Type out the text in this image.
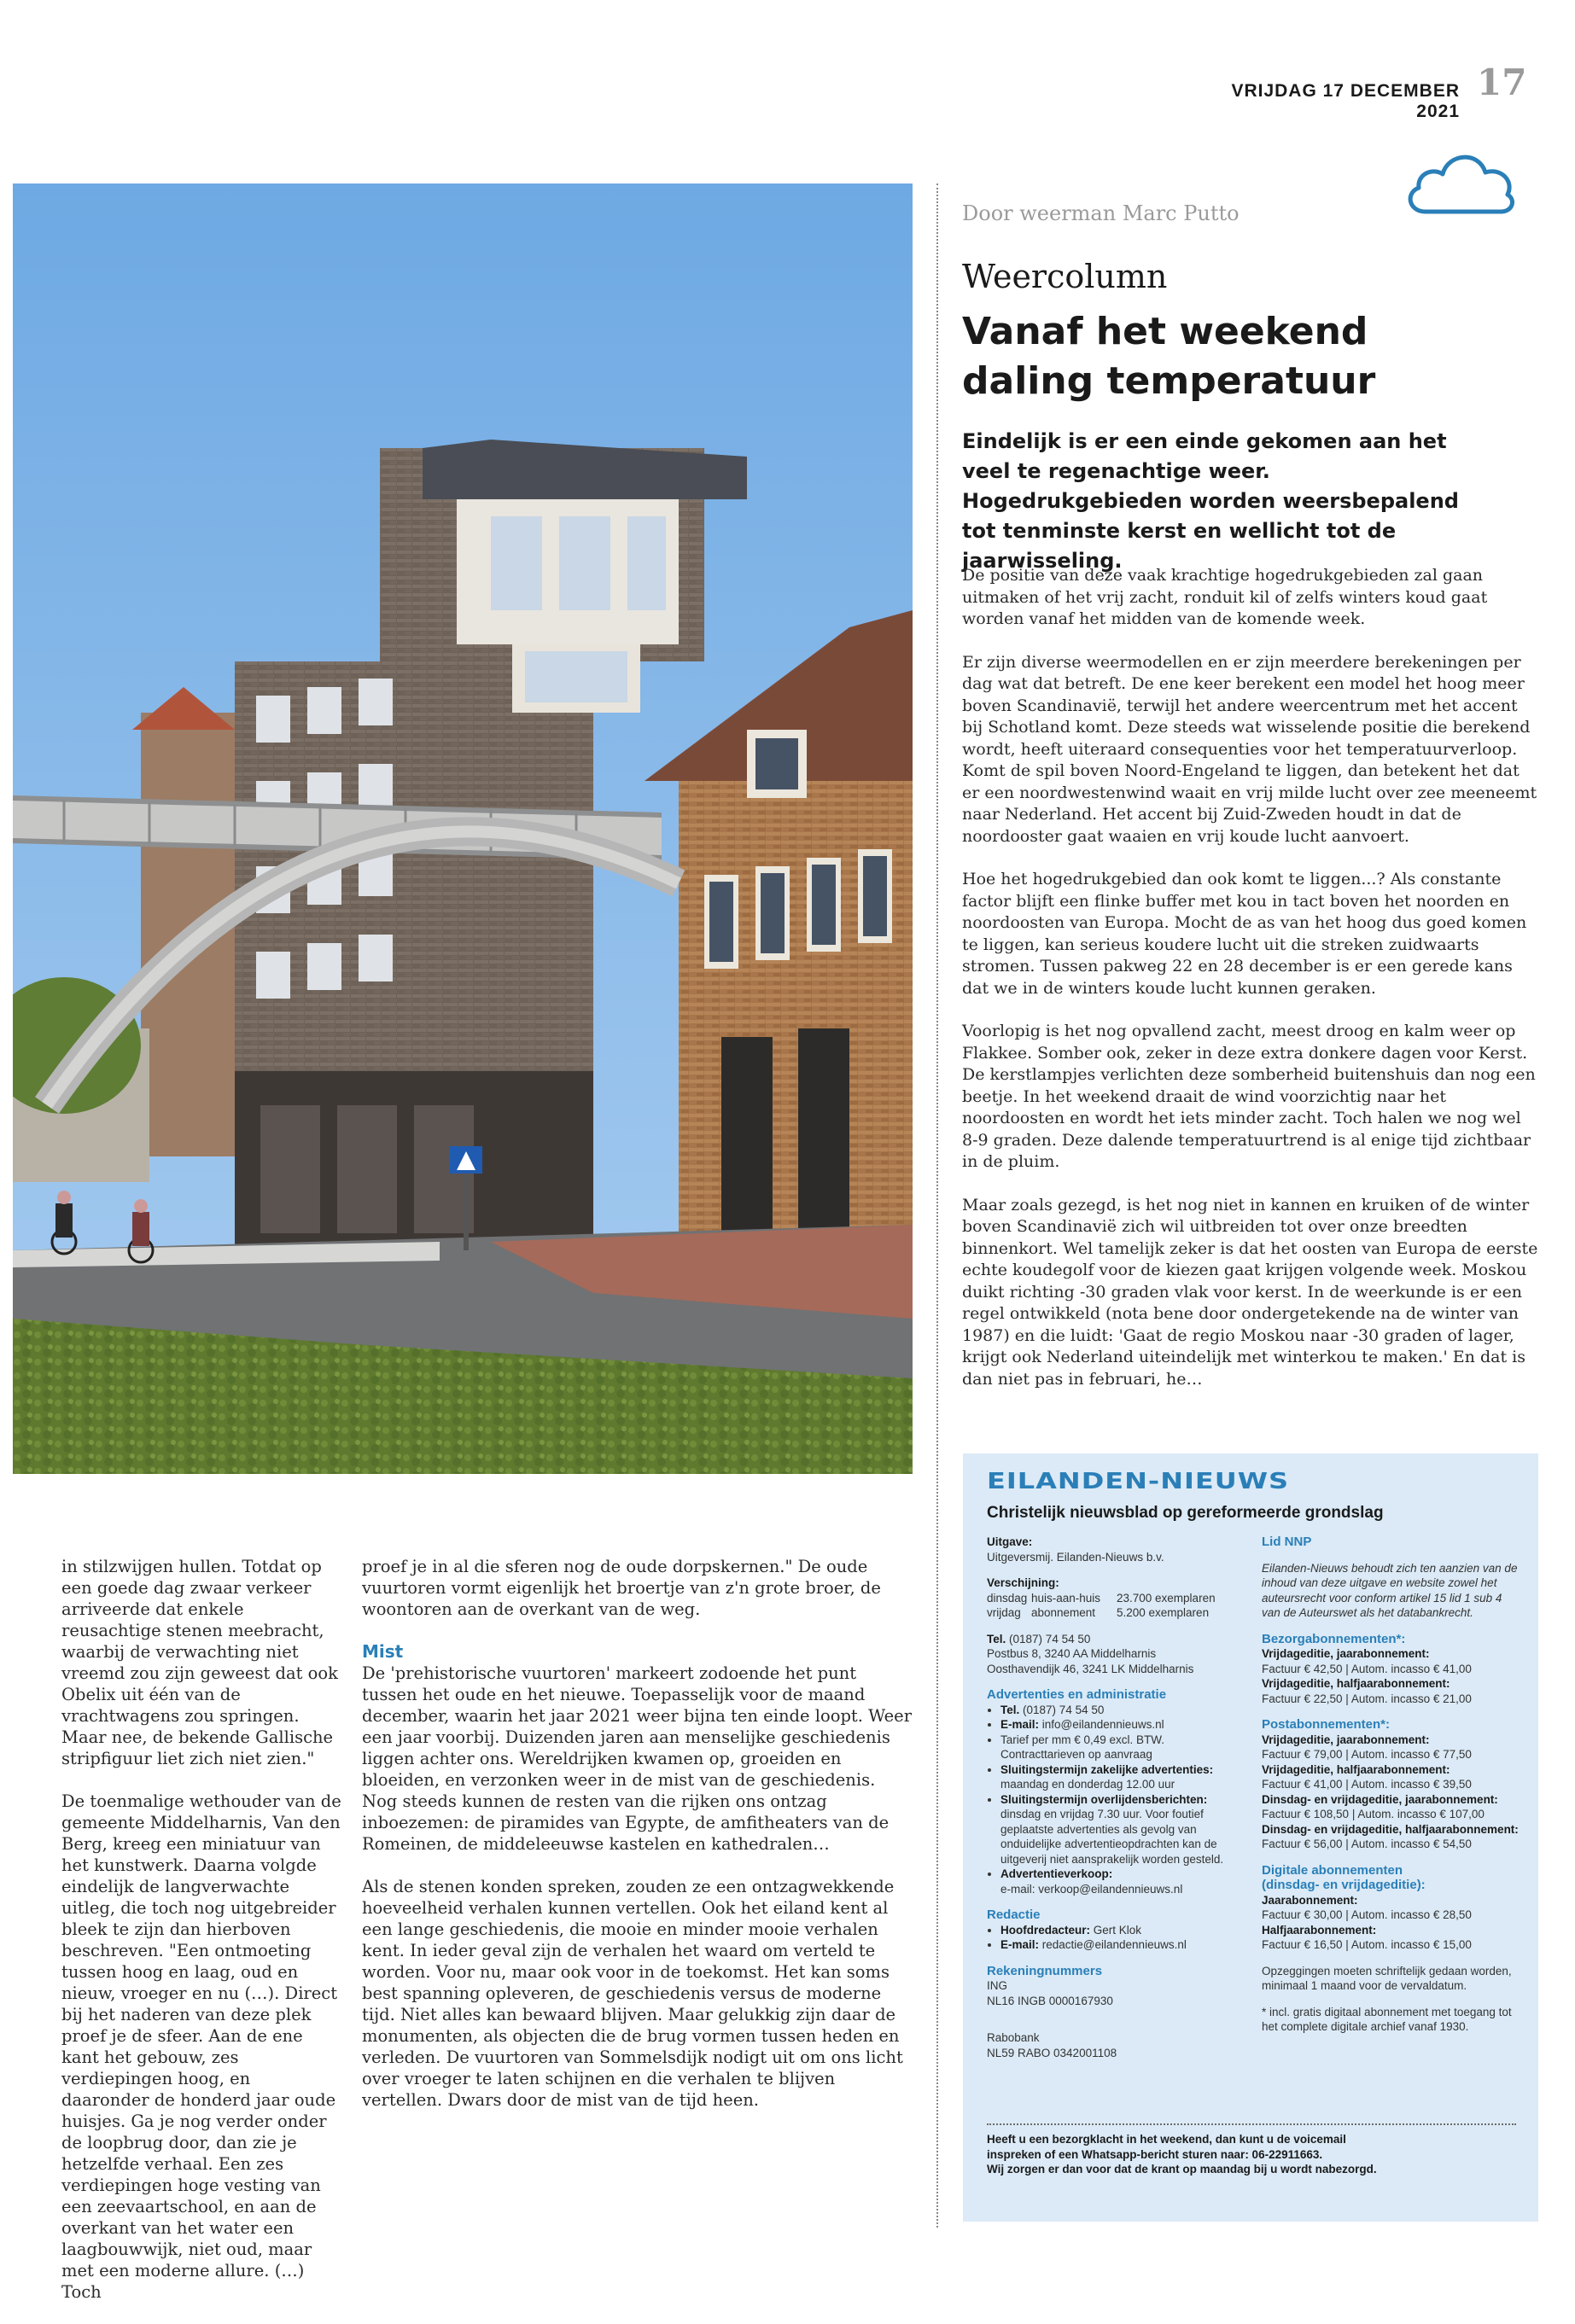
VRIJDAG 17 DECEMBER 2021
17
Door weerman Marc Putto
Weercolumn
Vanaf het weekend daling temperatuur
Eindelijk is er een einde gekomen aan het veel te regenachtige weer. Hogedrukgebieden worden weersbepalend tot tenminste kerst en wellicht tot de jaarwisseling.

De positie van deze vaak krachtige hogedrukgebieden zal gaan uitmaken of het vrij zacht, ronduit kil of zelfs winters koud gaat worden vanaf het midden van de komende week.

Er zijn diverse weermodellen en er zijn meerdere berekeningen per dag wat dat betreft. De ene keer berekent een model het hoog meer boven Scandinavië, terwijl het andere weercentrum met het accent bij Schotland komt. Deze steeds wat wisselende positie die berekend wordt, heeft uiteraard consequenties voor het temperatuurverloop. Komt de spil boven Noord-Engeland te liggen, dan betekent het dat er een noordwestenwind waait en vrij milde lucht over zee meeneemt naar Nederland. Het accent bij Zuid-Zweden houdt in dat de noordooster gaat waaien en vrij koude lucht aanvoert.

Hoe het hogedrukgebied dan ook komt te liggen...? Als constante factor blijft een flinke buffer met kou in tact boven het noorden en noordoosten van Europa. Mocht de as van het hoog dus goed komen te liggen, kan serieus koudere lucht uit die streken zuidwaarts stromen. Tussen pakweg 22 en 28 december is er een gerede kans dat we in de winters koude lucht kunnen geraken.

Voorlopig is het nog opvallend zacht, meest droog en kalm weer op Flakkee. Somber ook, zeker in deze extra donkere dagen voor Kerst. De kerstlampjes verlichten deze somberheid buitenshuis dan nog een beetje. In het weekend draait de wind voorzichtig naar het noordoosten en wordt het iets minder zacht. Toch halen we nog wel 8-9 graden. Deze dalende temperatuurtrend is al enige tijd zichtbaar in de pluim.

Maar zoals gezegd, is het nog niet in kannen en kruiken of de winter boven Scandinavië zich wil uitbreiden tot over onze breedten binnenkort. Wel tamelijk zeker is dat het oosten van Europa de eerste echte koudegolf voor de kiezen gaat krijgen volgende week. Moskou duikt richting -30 graden vlak voor kerst. In de weerkunde is er een regel ontwikkeld (nota bene door ondergetekende na de winter van 1987) en die luidt: 'Gaat de regio Moskou naar -30 graden of lager, krijgt ook Nederland uiteindelijk met winterkou te maken.' En dat is dan niet pas in februari, he…

in stilzwijgen hullen. Totdat op een goede dag zwaar verkeer arriveerde dat enkele reusachtige stenen meebracht, waarbij de verwachting niet vreemd zou zijn geweest dat ook Obelix uit één van de vrachtwagens zou springen. Maar nee, de bekende Gallische stripfiguur liet zich niet zien."

De toenmalige wethouder van de gemeente Middelharnis, Van den Berg, kreeg een miniatuur van het kunstwerk. Daarna volgde eindelijk de langverwachte uitleg, die toch nog uitgebreider bleek te zijn dan hierboven beschreven. "Een ontmoeting tussen hoog en laag, oud en nieuw, vroeger en nu (…). Direct bij het naderen van deze plek proef je de sfeer. Aan de ene kant het gebouw, zes verdiepingen hoog, en daaronder de honderd jaar oude huisjes. Ga je nog verder onder de loopbrug door, dan zie je hetzelfde verhaal. Een zes verdiepingen hoge vesting van een zeevaartschool, en aan de overkant van het water een laagbouwwijk, niet oud, maar met een moderne allure. (…) Toch

proef je in al die sferen nog de oude dorpskernen." De oude vuurtoren vormt eigenlijk het broertje van z'n grote broer, de woontoren aan de overkant van de weg.

Mist

De 'prehistorische vuurtoren' markeert zodoende het punt tussen het oude en het nieuwe. Toepasselijk voor de maand december, waarin het jaar 2021 weer bijna ten einde loopt. Weer een jaar voorbij. Duizenden jaren aan menselijke geschiedenis liggen achter ons. Wereldrijken kwamen op, groeiden en bloeiden, en verzonken weer in de mist van de geschiedenis. Nog steeds kunnen de resten van die rijken ons ontzag inboezemen: de piramides van Egypte, de amfitheaters van de Romeinen, de middeleeuwse kastelen en kathedralen…

Als de stenen konden spreken, zouden ze een ontzagwekkende hoeveelheid verhalen kunnen vertellen. Ook het eiland kent al een lange geschiedenis, die mooie en minder mooie verhalen kent. In ieder geval zijn de verhalen het waard om verteld te worden. Voor nu, maar ook voor in de toekomst. Het kan soms best spanning opleveren, de geschiedenis versus de moderne tijd. Niet alles kan bewaard blijven. Maar gelukkig zijn daar de monumenten, als objecten die de brug vormen tussen heden en verleden. De vuurtoren van Sommelsdijk nodigt uit om ons licht over vroeger te laten schijnen en die verhalen te blijven vertellen. Dwars door de mist van de tijd heen.

EILANDEN-NIEUWS
Christelijk nieuwsblad op gereformeerde grondslag

Uitgave:

Uitgeversmij. Eilanden-Nieuws b.v.

Verschijning:

dinsdag huis-aan-huis	23.700 exemplaren
vrijdag abonnement	5.200 exemplaren

Tel. (0187) 74 54 50

Postbus 8, 3240 AA Middelharnis

Oosthavendijk 46, 3241 LK Middelharnis

Advertenties en administratie

• Tel. (0187) 74 54 50
• E-mail: info@eilandennieuws.nl
• Tarief per mm € 0,49 excl. BTW.
Contracttarieven op aanvraag
• Sluitingstermijn zakelijke advertenties:
maandag en donderdag 12.00 uur
• Sluitingstermijn overlijdensberichten:
dinsdag en vrijdag 7.30 uur. Voor foutief
geplaatste advertenties als gevolg van
onduidelijke advertentieopdrachten kan de
uitgeverij niet aansprakelijk worden gesteld.
• Advertentieverkoop:
e-mail: verkoop@eilandennieuws.nl

Redactie

• Hoofdredacteur: Gert Klok
• E-mail: redactie@eilandennieuws.nl

Rekeningnummers

ING

NL16 INGB 0000167930

Rabobank

NL59 RABO 0342001108

Lid NNP

Eilanden-Nieuws behoudt zich ten aanzien van de inhoud van deze uitgave en website zowel het auteursrecht voor conform artikel 15 lid 1 sub 4 van de Auteurswet als het databankrecht.

Bezorgabonnementen*:

Vrijdageditie, jaarabonnement:

Factuur € 42,50 | Autom. incasso € 41,00

Vrijdageditie, halfjaarabonnement:

Factuur € 22,50 | Autom. incasso € 21,00

Postabonnementen*:

Vrijdageditie, jaarabonnement:

Factuur € 79,00 | Autom. incasso € 77,50

Vrijdageditie, halfjaarabonnement:

Factuur € 41,00 | Autom. incasso € 39,50

Dinsdag- en vrijdageditie, jaarabonnement:

Factuur € 108,50 | Autom. incasso € 107,00

Dinsdag- en vrijdageditie, halfjaarabonnement:

Factuur € 56,00 | Autom. incasso € 54,50

Digitale abonnementen

(dinsdag- en vrijdageditie):

Jaarabonnement:

Factuur € 30,00 | Autom. incasso € 28,50

Halfjaarabonnement:

Factuur € 16,50 | Autom. incasso € 15,00

Opzeggingen moeten schriftelijk gedaan worden, minimaal 1 maand voor de vervaldatum.

* incl. gratis digitaal abonnement met toegang tot het complete digitale archief vanaf 1930.

Heeft u een bezorgklacht in het weekend, dan kunt u de voicemail
inspreken of een Whatsapp-bericht sturen naar: 06-22911663.
Wij zorgen er dan voor dat de krant op maandag bij u wordt nabezorgd.
